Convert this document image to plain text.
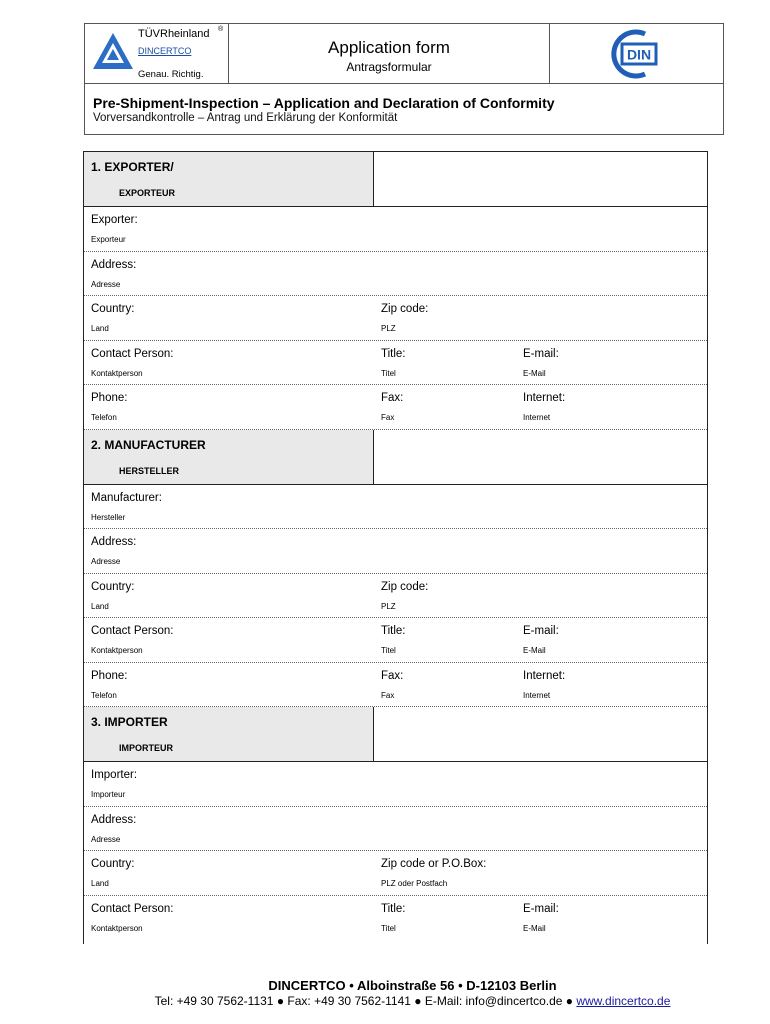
TÜVRheinland ®
DINCERTCO
Genau. Richtig.
Application form
Antragsformular
DIN
Pre-Shipment-Inspection – Application and Declaration of Conformity
Vorversandkontrolle – Antrag und Erklärung der Konformität
1. EXPORTER/
EXPORTEUR
Exporter:
Exporteur
Address:
Adresse
Country:
Land
Zip code:
PLZ
Contact Person:
Kontaktperson
Title:
Titel
E-mail:
E-Mail
Phone:
Telefon
Fax:
Fax
Internet:
Internet
2. MANUFACTURER
HERSTELLER
Manufacturer:
Hersteller
Address:
Adresse
Country:
Land
Zip code:
PLZ
Contact Person:
Kontaktperson
Title:
Titel
E-mail:
E-Mail
Phone:
Telefon
Fax:
Fax
Internet:
Internet
3. IMPORTER
IMPORTEUR
Importer:
Importeur
Address:
Adresse
Country:
Land
Zip code or P.O.Box:
PLZ oder Postfach
Contact Person:
Kontaktperson
Title:
Titel
E-mail:
E-Mail
DINCERTCO • Alboinstraße 56 • D-12103 Berlin
Tel: +49 30 7562-1131 ● Fax: +49 30 7562-1141 ● E-Mail: info@dincertco.de ● www.dincertco.de
